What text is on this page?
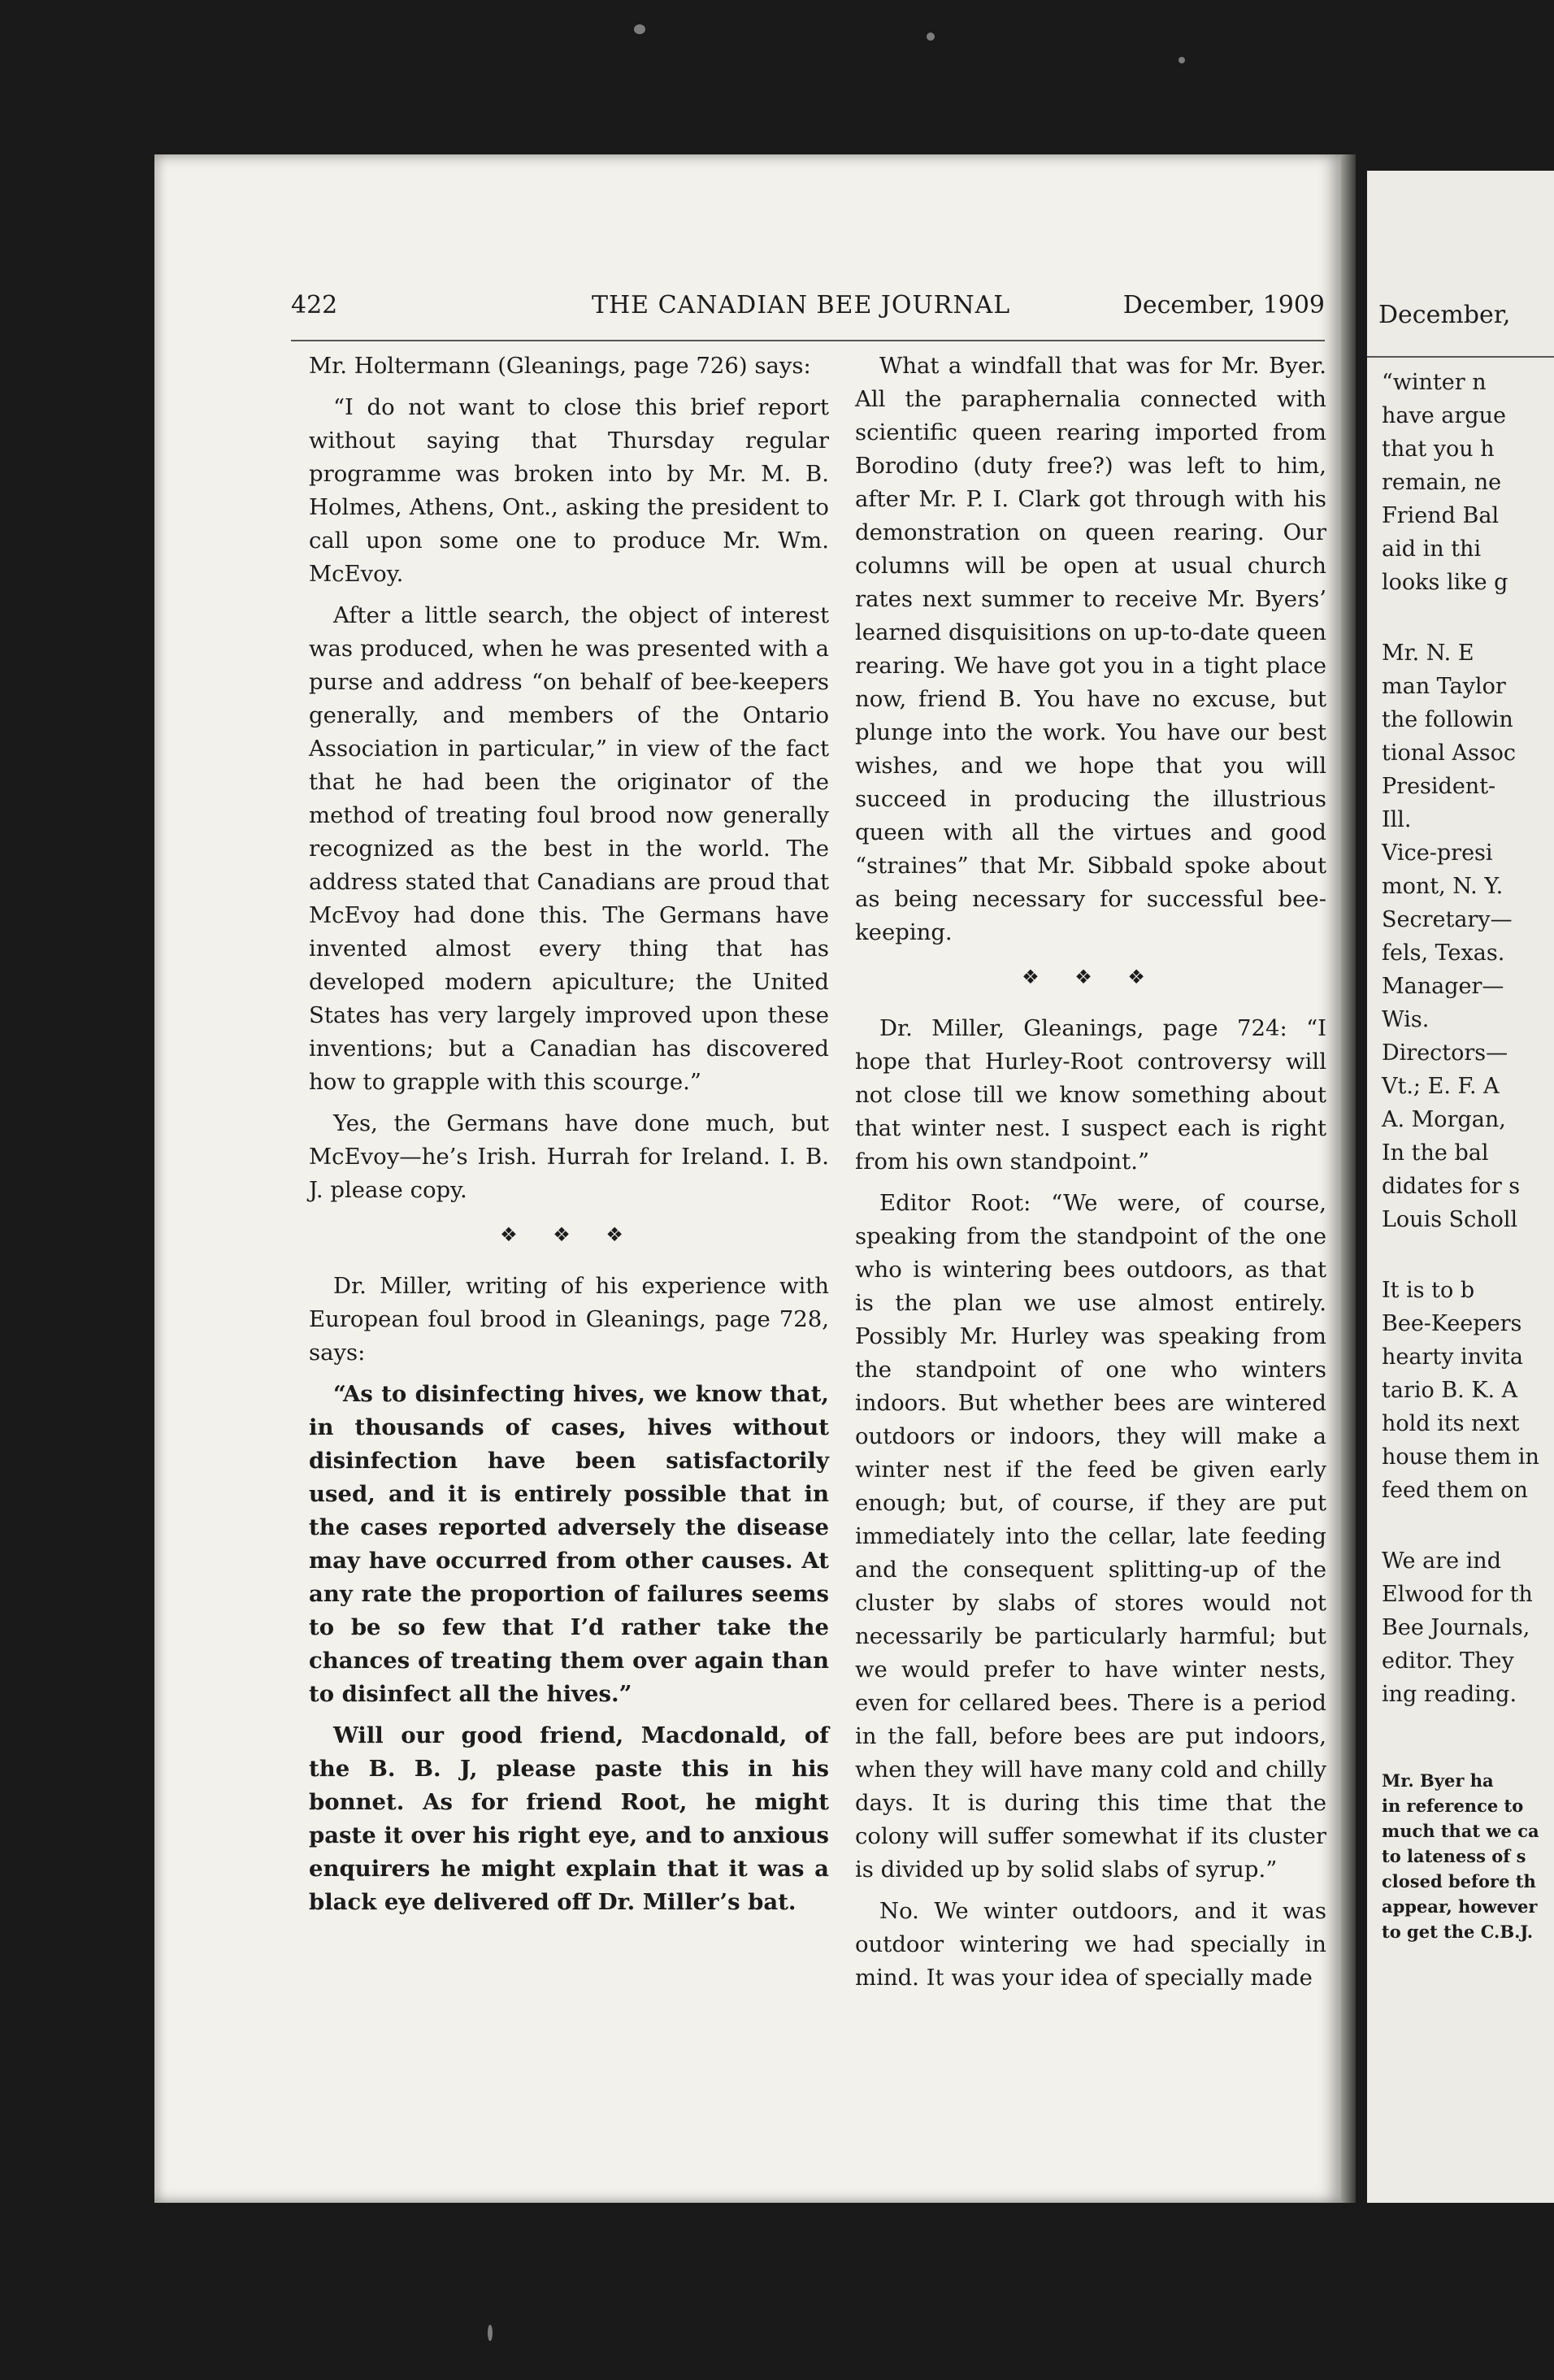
422	THE CANADIAN BEE JOURNAL	December, 1909

Mr. Holtermann (Gleanings, page 726) says:

“I do not want to close this brief report without saying that Thursday regular programme was broken into by Mr. M. B. Holmes, Athens, Ont., asking the president to call upon some one to produce Mr. Wm. McEvoy.

After a little search, the object of interest was produced, when he was presented with a purse and address “on behalf of bee-keepers generally, and members of the Ontario Association in particular,” in view of the fact that he had been the originator of the method of treating foul brood now generally recognized as the best in the world. The address stated that Canadians are proud that McEvoy had done this. The Germans have invented almost every thing that has developed modern apiculture; the United States has very largely improved upon these inventions; but a Canadian has discovered how to grapple with this scourge.”

Yes, the Germans have done much, but McEvoy—he’s Irish. Hurrah for Ireland. I. B. J. please copy.

❖ ❖ ❖

Dr. Miller, writing of his experience with European foul brood in Gleanings, page 728, says:

“As to disinfecting hives, we know that, in thousands of cases, hives without disinfection have been satisfactorily used, and it is entirely possible that in the cases reported adversely the disease may have occurred from other causes. At any rate the proportion of failures seems to be so few that I’d rather take the chances of treating them over again than to disinfect all the hives.”

Will our good friend, Macdonald, of the B. B. J, please paste this in his bonnet. As for friend Root, he might paste it over his right eye, and to anxious enquirers he might explain that it was a black eye delivered off Dr. Miller’s bat.

What a windfall that was for Mr. Byer. All the paraphernalia connected with scientific queen rearing imported from Borodino (duty free?) was left to him, after Mr. P. I. Clark got through with his demonstration on queen rearing. Our columns will be open at usual church rates next summer to receive Mr. Byers’ learned disquisitions on up-to-date queen rearing. We have got you in a tight place now, friend B. You have no excuse, but plunge into the work. You have our best wishes, and we hope that you will succeed in producing the illustrious queen with all the virtues and good “straines” that Mr. Sibbald spoke about as being necessary for successful bee-keeping.

❖ ❖ ❖

Dr. Miller, Gleanings, page 724: “I hope that Hurley-Root controversy will not close till we know something about that winter nest. I suspect each is right from his own standpoint.”

Editor Root: “We were, of course, speaking from the standpoint of the one who is wintering bees outdoors, as that is the plan we use almost entirely. Possibly Mr. Hurley was speaking from the standpoint of one who winters indoors. But whether bees are wintered outdoors or indoors, they will make a winter nest if the feed be given early enough; but, of course, if they are put immediately into the cellar, late feeding and the consequent splitting-up of the cluster by slabs of stores would not necessarily be particularly harmful; but we would prefer to have winter nests, even for cellared bees. There is a period in the fall, before bees are put indoors, when they will have many cold and chilly days. It is during this time that the colony will suffer somewhat if its cluster is divided up by solid slabs of syrup.”

No. We winter outdoors, and it was outdoor wintering we had specially in mind. It was your idea of specially made

December,
“winter n
have argue
that you h
remain, ne
Friend Bal
aid in thi
looks like g
Mr. N. E
man Taylor
the followin
tional Assoc
President-
Ill.
Vice-presi
mont, N. Y.
Secretary—
fels, Texas.
Manager—
Wis.
Directors—
Vt.; E. F. A
A. Morgan,
In the bal
didates for s
Louis Scholl
It is to b
Bee-Keepers
hearty invita
tario B. K. A
hold its next
house them in
feed them on
We are ind
Elwood for th
Bee Journals,
editor. They
ing reading.
Mr. Byer ha
in reference to
much that we ca
to lateness of s
closed before th
appear, however
to get the C.B.J.
